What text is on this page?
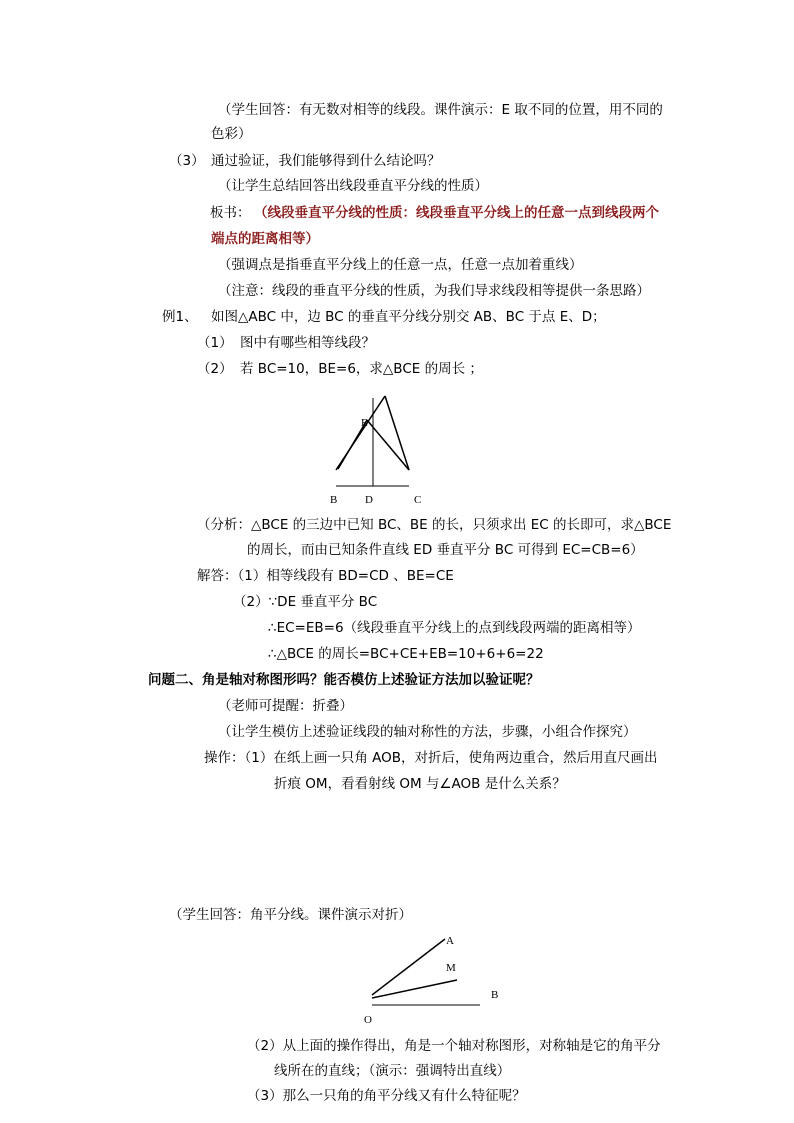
（学生回答：有无数对相等的线段。课件演示：E 取不同的位置，用不同的
色彩）
（3） 通过验证，我们能够得到什么结论吗？
（让学生总结回答出线段垂直平分线的性质）
板书： （线段垂直平分线的性质：线段垂直平分线上的任意一点到线段两个
端点的距离相等）
（强调点是指垂直平分线上的任意一点，任意一点加着重线）
（注意：线段的垂直平分线的性质，为我们导求线段相等提供一条思路）
例1、 如图△ABC 中，边 BC 的垂直平分线分别交 AB、BC 于点 E、D；
（1） 图中有哪些相等线段？
（2） 若 BC=10，BE=6，求△BCE 的周长 ；
E
B	D	C
（分析：△BCE 的三边中已知 BC、BE 的长，只须求出 EC 的长即可，求△BCE
的周长，而由已知条件直线 ED 垂直平分 BC 可得到 EC=CB=6）
解答：（1）相等线段有 BD=CD 、BE=CE
（2）∵DE 垂直平分 BC
∴EC=EB=6（线段垂直平分线上的点到线段两端的距离相等）
∴△BCE 的周长=BC+CE+EB=10+6+6=22
问题二、角是轴对称图形吗？能否模仿上述验证方法加以验证呢？
（老师可提醒：折叠）
（让学生模仿上述验证线段的轴对称性的方法，步骤，小组合作探究）
操作：（1）在纸上画一只角 AOB，对折后，使角两边重合，然后用直尺画出
折痕 OM，看看射线 OM 与∠AOB 是什么关系？
（学生回答：角平分线。课件演示对折）
A
M
B
O
（2）从上面的操作得出，角是一个轴对称图形，对称轴是它的角平分
线所在的直线；（演示：强调特出直线）
（3）那么一只角的角平分线又有什么特征呢？
